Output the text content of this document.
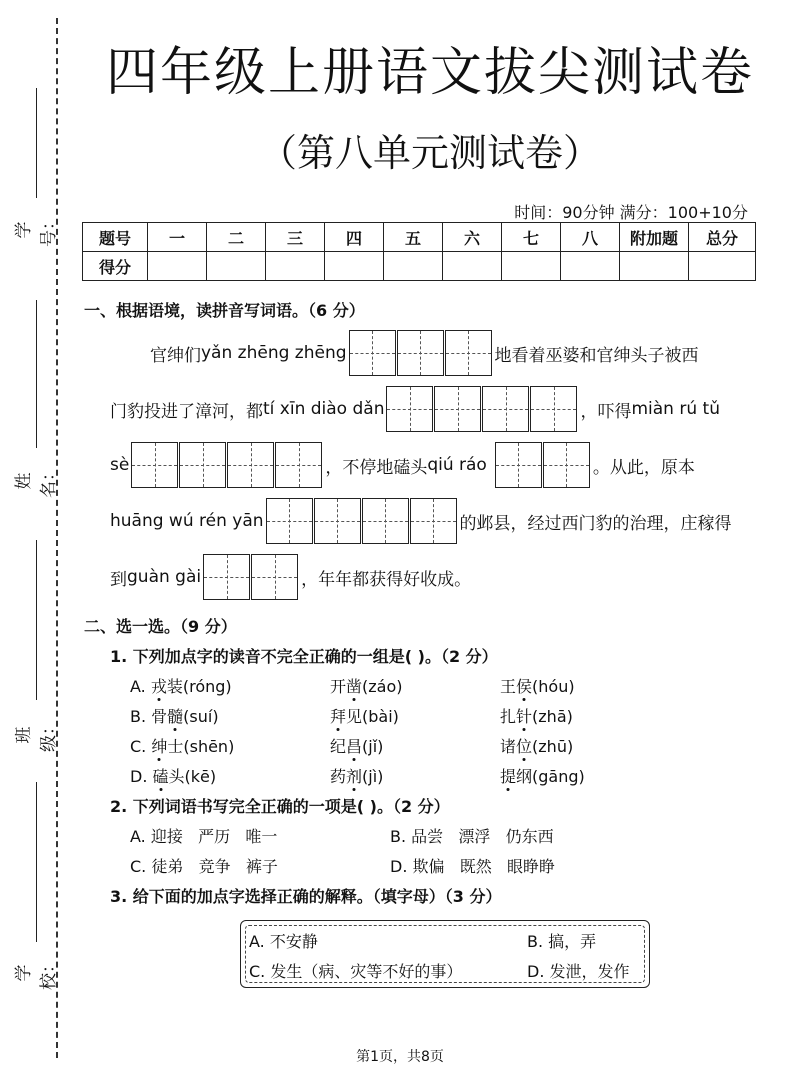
学号：
姓名：
班级：
学校：
四年级上册语文拔尖测试卷
（第八单元测试卷）
时间：90分钟 满分：100+10分
题号	一	二	三	四	五	六	七	八	附加题	总分
得分										
一、根据语境，读拼音写词语。（6 分）
官绅们 yǎn zhēng zhēng	地看着巫婆和官绅头子被西
门豹投进了漳河，都 tí xīn diào dǎn	，吓得 miàn rú tǔ
sè	，不停地磕头 qiú ráo	。从此，原本
huāng wú rén yān	的邺县，经过西门豹的治理，庄稼得
到 guàn gài	，年年都获得好收成。
二、选一选。（9 分）
1. 下列加点字的读音不完全正确的一组是( )。（2 分）
A. 戎装(róng)	开凿(záo)	王侯(hóu)
B. 骨髓(suí)	拜见(bài)	扎针(zhā)
C. 绅士(shēn)	纪昌(jǐ)	诸位(zhū)
D. 磕头(kē)	药剂(jì)	提纲(gāng)
2. 下列词语书写完全正确的一项是( )。（2 分）
A. 迎接   严历   唯一	B. 品尝   漂浮   仍东西
C. 徒弟   竞争   裤子	D. 欺偏   既然   眼睁睁
3. 给下面的加点字选择正确的解释。（填字母）（3 分）
A. 不安静	B. 搞，弄
C. 发生（病、灾等不好的事）	D. 发泄，发作
第1页，共8页
